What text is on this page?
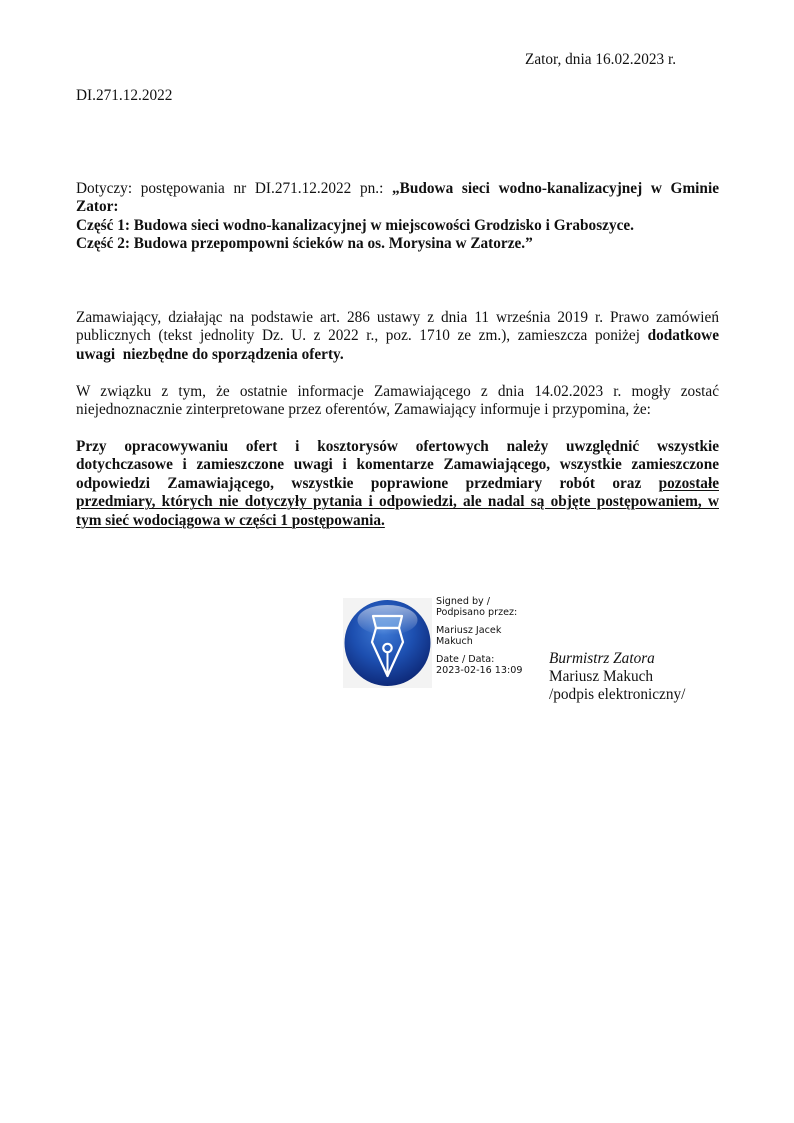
Zator, dnia 16.02.2023 r.
DI.271.12.2022
Dotyczy: postępowania nr DI.271.12.2022 pn.: „Budowa sieci wodno-kanalizacyjnej w Gminie
Zator:
Część 1: Budowa sieci wodno-kanalizacyjnej w miejscowości Grodzisko i Graboszyce.
Część 2: Budowa przepompowni ścieków na os. Morysina w Zatorze.”
Zamawiający, działając na podstawie art. 286 ustawy z dnia 11 września 2019 r. Prawo zamówień
publicznych (tekst jednolity Dz. U. z 2022 r., poz. 1710 ze zm.), zamieszcza poniżej dodatkowe
uwagi  niezbędne do sporządzenia oferty.
W związku z tym, że ostatnie informacje Zamawiającego z dnia 14.02.2023 r. mogły zostać
niejednoznacznie zinterpretowane przez oferentów, Zamawiający informuje i przypomina, że:
Przy opracowywaniu ofert i kosztorysów ofertowych należy uwzględnić wszystkie
dotychczasowe i zamieszczone uwagi i komentarze Zamawiającego, wszystkie zamieszczone
odpowiedzi Zamawiającego, wszystkie poprawione przedmiary robót oraz pozostałe
przedmiary, których nie dotyczyły pytania i odpowiedzi, ale nadal są objęte postępowaniem, w
tym sieć wodociągowa w części 1 postępowania.
Signed by /
Podpisano przez:
Mariusz Jacek
Makuch
Date / Data:
2023-02-16 13:09
Burmistrz Zatora
Mariusz Makuch
/podpis elektroniczny/
